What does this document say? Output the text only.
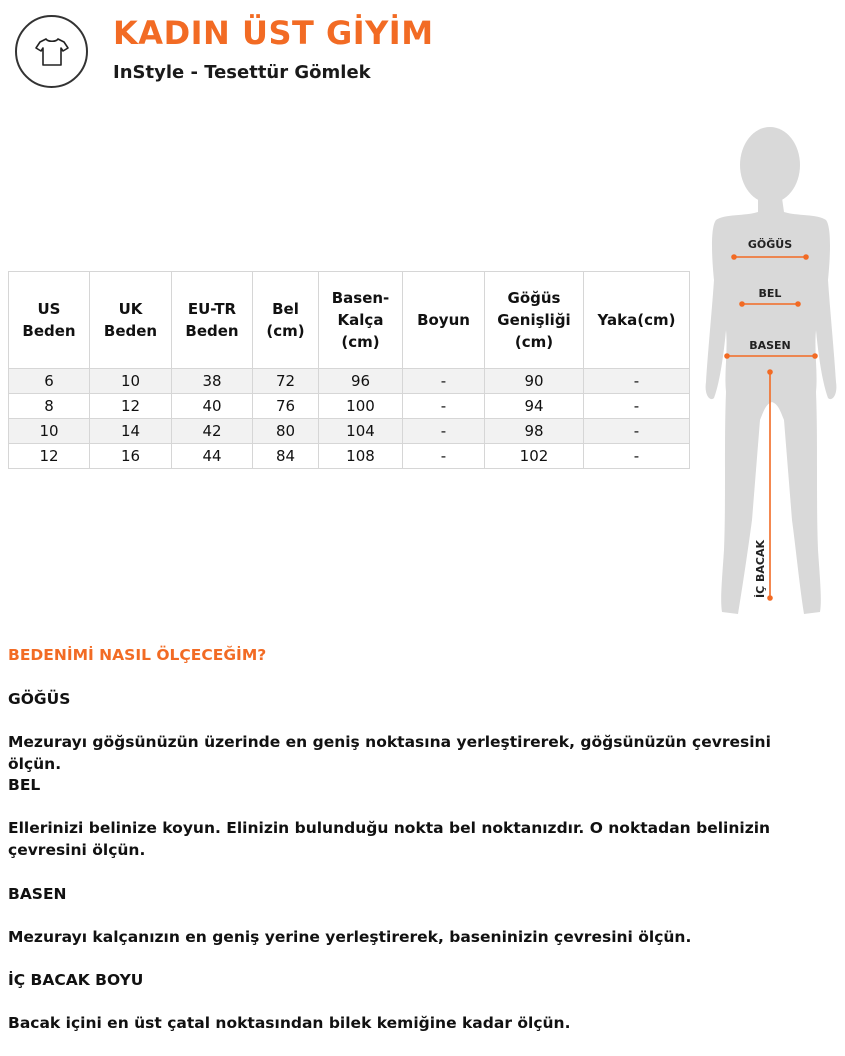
KADIN ÜST GİYİM
InStyle - Tesettür Gömlek
US Beden	UK Beden	EU-TR Beden	Bel (cm)	Basen-Kalça (cm)	Boyun	Göğüs Genişliği (cm)	Yaka(cm)
6	10	38	72	96	-	90	-
8	12	40	76	100	-	94	-
10	14	42	80	104	-	98	-
12	16	44	84	108	-	102	-
GÖĞÜS
BEL
BASEN
İÇ BACAK

BEDENİMİ NASIL ÖLÇECEĞİM?

GÖĞÜS

Mezurayı göğsünüzün üzerinde en geniş noktasına yerleştirerek, göğsünüzün çevresini ölçün.

BEL

Ellerinizi belinize koyun. Elinizin bulunduğu nokta bel noktanızdır. O noktadan belinizin çevresini ölçün.

BASEN

Mezurayı kalçanızın en geniş yerine yerleştirerek, baseninizin çevresini ölçün.

İÇ BACAK BOYU

Bacak içini en üst çatal noktasından bilek kemiğine kadar ölçün.
